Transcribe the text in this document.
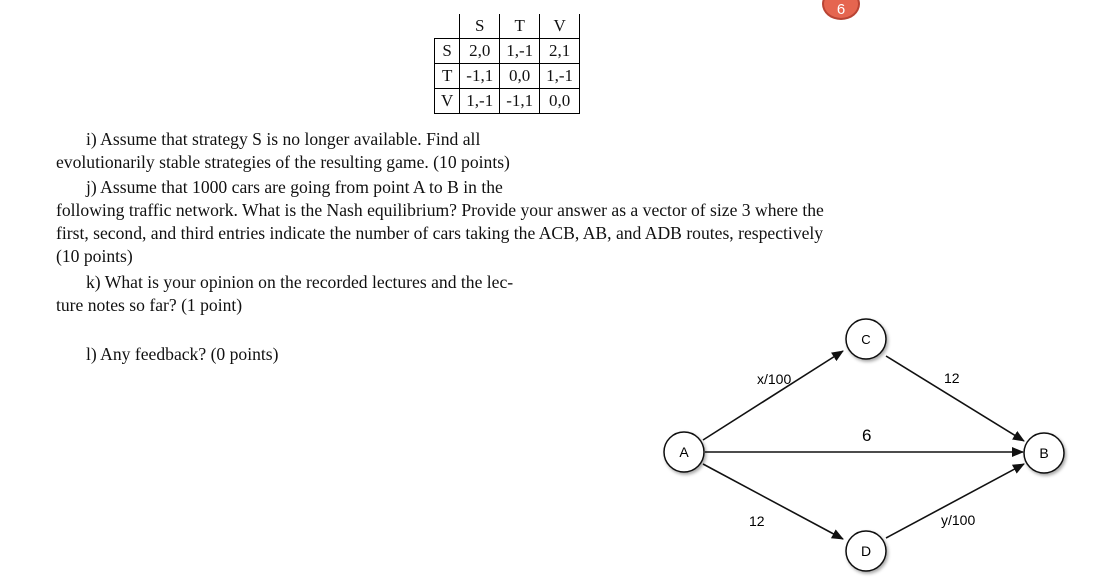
6
	S	T	V
S	2,0	1,-1	2,1
T	-1,1	0,0	1,-1
V	1,-1	-1,1	0,0

i) Assume that strategy S is no longer available. Find all

evolutionarily stable strategies of the resulting game. (10 points)

j) Assume that 1000 cars are going from point A to B in the

following traffic network. What is the Nash equilibrium? Provide your answer as a vector of size 3 where the

first, second, and third entries indicate the number of cars taking the ACB, AB, and ADB routes, respectively

(10 points)

k) What is your opinion on the recorded lectures and the lec-

ture notes so far? (1 point)

l) Any feedback? (0 points)

x/100	12
6
12	y/100
A
C
B
D
